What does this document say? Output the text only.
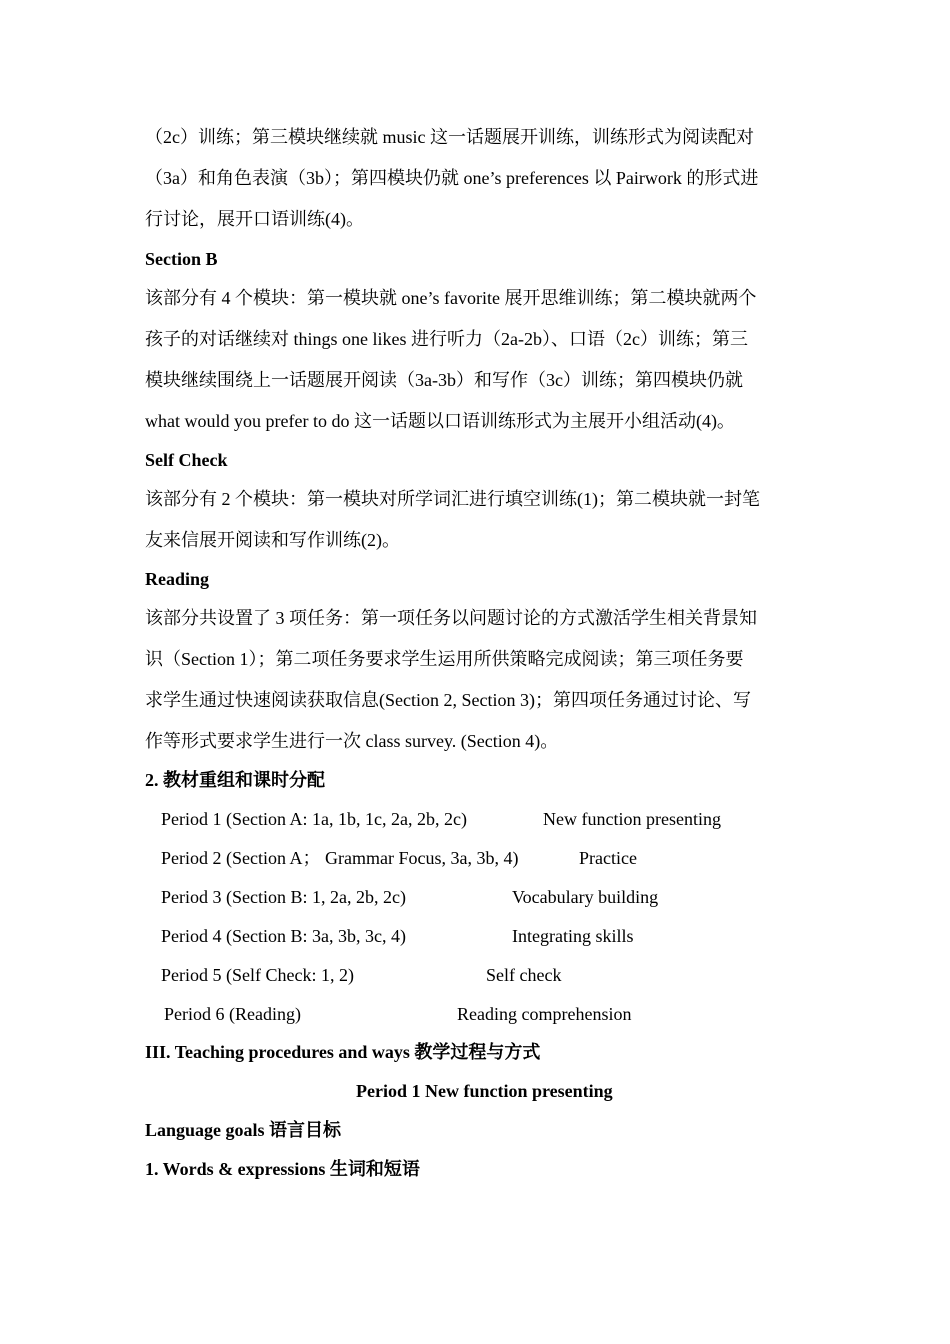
（2c）训练；第三模块继续就 music 这一话题展开训练，训练形式为阅读配对
（3a）和角色表演（3b）；第四模块仍就 one’s preferences 以 Pairwork 的形式进
行讨论，展开口语训练(4)。
Section B
该部分有 4 个模块：第一模块就 one’s favorite 展开思维训练；第二模块就两个
孩子的对话继续对 things one likes 进行听力（2a-2b）、口语（2c）训练；第三
模块继续围绕上一话题展开阅读（3a-3b）和写作（3c）训练；第四模块仍就
what would you prefer to do 这一话题以口语训练形式为主展开小组活动(4)。
Self Check
该部分有 2 个模块：第一模块对所学词汇进行填空训练(1)；第二模块就一封笔
友来信展开阅读和写作训练(2)。
Reading
该部分共设置了 3 项任务：第一项任务以问题讨论的方式激活学生相关背景知
识（Section 1）；第二项任务要求学生运用所供策略完成阅读；第三项任务要
求学生通过快速阅读获取信息(Section 2, Section 3)；第四项任务通过讨论、写
作等形式要求学生进行一次 class survey. (Section 4)。
2. 教材重组和课时分配
Period 1 (Section A: 1a, 1b, 1c, 2a, 2b, 2c)	New function presenting
Period 2 (Section A； Grammar Focus, 3a, 3b, 4)	Practice
Period 3 (Section B: 1, 2a, 2b, 2c)	Vocabulary building
Period 4 (Section B: 3a, 3b, 3c, 4)	Integrating skills
Period 5 (Self Check: 1, 2)	Self check
Period 6 (Reading)	Reading comprehension
III. Teaching procedures and ways 教学过程与方式
Period 1 New function presenting
Language goals 语言目标
1. Words & expressions 生词和短语
